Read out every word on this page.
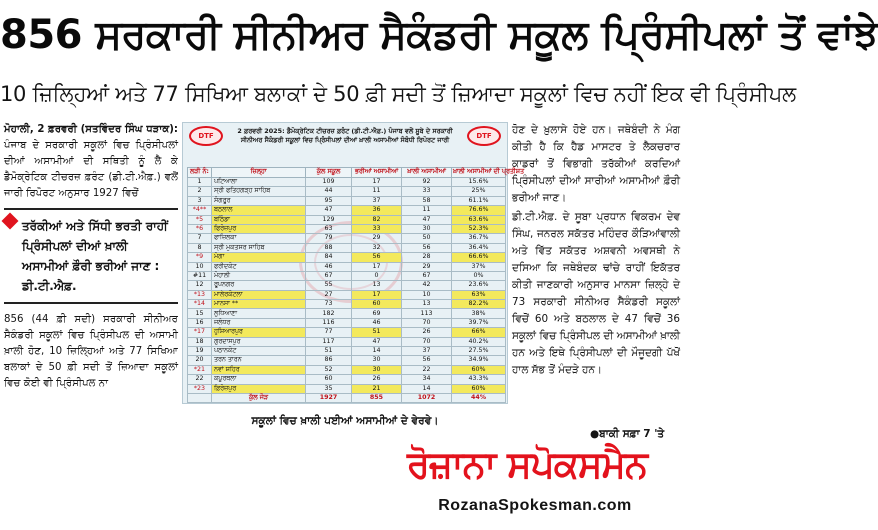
856 ਸਰਕਾਰੀ ਸੀਨੀਅਰ ਸੈਕੰਡਰੀ ਸਕੂਲ ਪ੍ਰਿੰਸੀਪਲਾਂ ਤੋਂ ਵਾਂਝੇ
10 ਜ਼ਿਲ੍ਹਿਆਂ ਅਤੇ 77 ਸਿਖਿਆ ਬਲਾਕਾਂ ਦੇ 50 ਫ਼ੀ ਸਦੀ ਤੋਂ ਜ਼ਿਆਦਾ ਸਕੂਲਾਂ ਵਿਚ ਨਹੀਂ ਇਕ ਵੀ ਪ੍ਰਿੰਸੀਪਲ

ਮੋਹਾਲੀ, 2 ਫ਼ਰਵਰੀ (ਸਤਵਿੰਦਰ ਸਿੰਘ ਧੜਾਕ): ਪੰਜਾਬ ਦੇ ਸਰਕਾਰੀ ਸਕੂਲਾਂ ਵਿਚ ਪ੍ਰਿੰਸੀਪਲਾਂ ਦੀਆਂ ਅਸਾਮੀਆਂ ਦੀ ਸਥਿਤੀ ਨੂੰ ਲੈ ਕੇ ਡੈਮੋਕ੍ਰੇਟਿਕ ਟੀਚਰਜ਼ ਫ਼ਰੰਟ (ਡੀ.ਟੀ.ਐਫ਼.) ਵਲੋਂ ਜਾਰੀ ਰਿਪੋਰਟ ਅਨੁਸਾਰ 1927 ਵਿਚੋਂ

ਤਰੱਕੀਆਂ ਅਤੇ ਸਿੱਧੀ ਭਰਤੀ ਰਾਹੀਂ ਪ੍ਰਿੰਸੀਪਲਾਂ ਦੀਆਂ ਖ਼ਾਲੀ ਅਸਾਮੀਆਂ ਫ਼ੌਰੀ ਭਰੀਆਂ ਜਾਣ : ਡੀ.ਟੀ.ਐਫ਼.

856 (44 ਫ਼ੀ ਸਦੀ) ਸਰਕਾਰੀ ਸੀਨੀਅਰ ਸੈਕੰਡਰੀ ਸਕੂਲਾਂ ਵਿਚ ਪ੍ਰਿੰਸੀਪਲ ਦੀ ਅਸਾਮੀ ਖ਼ਾਲੀ ਹੋਣ, 10 ਜ਼ਿਲ੍ਹਿਆਂ ਅਤੇ 77 ਸਿਖਿਆ ਬਲਾਕਾਂ ਦੇ 50 ਫ਼ੀ ਸਦੀ ਤੋਂ ਜ਼ਿਆਦਾ ਸਕੂਲਾਂ ਵਿਚ ਕੋਈ ਵੀ ਪ੍ਰਿੰਸੀਪਲ ਨਾ

DTF
2 ਫ਼ਰਵਰੀ 2025: ਡੈਮੋਕ੍ਰੇਟਿਕ ਟੀਚਰਜ਼ ਫ਼ਰੰਟ (ਡੀ.ਟੀ.ਐਫ਼.) ਪੰਜਾਬ ਵਲੋਂ ਸੂਬੇ ਦੇ ਸਰਕਾਰੀ
ਸੀਨੀਅਰ ਸੈਕੰਡਰੀ ਸਕੂਲਾਂ ਵਿਚ ਪ੍ਰਿੰਸੀਪਲਾਂ ਦੀਆਂ ਖ਼ਾਲੀ ਅਸਾਮੀਆਂ ਸੰਬੰਧੀ ਰਿਪੋਰਟ ਜਾਰੀ	DTF
ਲੜੀ ਨੰ:	ਜ਼ਿਲ੍ਹਾ	ਕੁੱਲ ਸਕੂਲ	ਭਰੀਆਂ ਅਸਾਮੀਆਂ	ਖ਼ਾਲੀ ਅਸਾਮੀਆਂ	ਖ਼ਾਲੀ ਅਸਾਮੀਆਂ ਦੀ ਪ੍ਰਤੀਸ਼ਤ
1	ਪਟਿਆਲਾ	109	17	92	15.6%
2	ਸ੍ਰੀ ਫਤਿਹਗੜ੍ਹ ਸਾਹਿਬ	44	11	33	25%
3	ਸੰਗਰੂਰ	95	37	58	61.1%
*4**	ਬਠਲਾਲ	47	36	11	76.6%
*5	ਬਠਿੰਡਾ	129	82	47	63.6%
*6	ਫਿਰੋਜ਼ਪੁਰ	63	33	30	52.3%
7	ਫਾਜ਼ਿਲਕਾ	79	29	50	36.7%
8	ਸ੍ਰੀ ਮੁਕਤਸਰ ਸਾਹਿਬ	88	32	56	36.4%
*9	ਮੋਗਾ	84	56	28	66.6%
10	ਫਰੀਦਕੋਟ	46	17	29	37%
#11	ਮੋਹਾਲੀ	67	0	67	0%
12	ਰੂਪਨਗਰ	55	13	42	23.6%
*13	ਮਾਲੇਰਕੋਟਲਾ	27	17	10	63%
*14	ਮਾਨਸਾ **	73	60	13	82.2%
15	ਲੁਧਿਆਣਾ	182	69	113	38%
16	ਜਲੰਧਰ	116	46	70	39.7%
*17	ਹੁਸ਼ਿਆਰਪੁਰ	77	51	26	66%
18	ਗੁਰਦਾਸਪੁਰ	117	47	70	40.2%
19	ਪਠਾਨਕੋਟ	51	14	37	27.5%
20	ਤਰਨ ਤਾਰਨ	86	30	56	34.9%
*21	ਨਵਾਂ ਸ਼ਹਿਰ	52	30	22	60%
22	ਕਪੂਰਥਲਾ	60	26	34	43.3%
*23	ਫ਼ਿਰੋਜ਼ਪੁਰ	35	21	14	60%
	ਕੁੱਲ ਜੋੜ	1927	855	1072	44%
ਸਕੂਲਾਂ ਵਿਚ ਖ਼ਾਲੀ ਪਈਆਂ ਅਸਾਮੀਆਂ ਦੇ ਵੇਰਵੇ।

ਹੋਣ ਦੇ ਖ਼ੁਲਾਸੇ ਹੋਏ ਹਨ। ਜਥੇਬੰਦੀ ਨੇ ਮੰਗ ਕੀਤੀ ਹੈ ਕਿ ਹੈਡ ਮਾਸਟਰ ਤੇ ਲੈਕਚਰਾਰ ਕਾਡਰਾਂ ਤੋਂ ਵਿਭਾਗੀ ਤਰੱਕੀਆਂ ਕਰਦਿਆਂ ਪ੍ਰਿੰਸੀਪਲਾਂ ਦੀਆਂ ਸਾਰੀਆਂ ਅਸਾਮੀਆਂ ਫ਼ੌਰੀ ਭਰੀਆਂ ਜਾਣ।

ਡੀ.ਟੀ.ਐਫ਼. ਦੇ ਸੂਬਾ ਪ੍ਰਧਾਨ ਵਿਕਰਮ ਦੇਵ ਸਿੰਘ, ਜਨਰਲ ਸਕੱਤਰ ਮਹਿੰਦਰ ਕੌੜਿਆਂਵਾਲੀ ਅਤੇ ਵਿੱਤ ਸਕੱਤਰ ਅਸ਼ਵਨੀ ਅਵਸਥੀ ਨੇ ਦਸਿਆ ਕਿ ਜਥੇਬੰਦਕ ਢਾਂਚੇ ਰਾਹੀਂ ਇਕੱਤਰ ਕੀਤੀ ਜਾਣਕਾਰੀ ਅਨੁਸਾਰ ਮਾਨਸਾ ਜ਼ਿਲ੍ਹੇ ਦੇ 73 ਸਰਕਾਰੀ ਸੀਨੀਅਰ ਸੈਕੰਡਰੀ ਸਕੂਲਾਂ ਵਿਚੋਂ 60 ਅਤੇ ਬਠਲਾਲ ਦੇ 47 ਵਿਚੋਂ 36 ਸਕੂਲਾਂ ਵਿਚ ਪ੍ਰਿੰਸੀਪਲ ਦੀ ਅਸਾਮੀਆਂ ਖ਼ਾਲੀ ਹਨ ਅਤੇ ਇਥੇ ਪ੍ਰਿੰਸੀਪਲਾਂ ਦੀ ਮੌਜੂਦਗੀ ਪੱਖੋਂ ਹਾਲ ਸੱਭ ਤੋਂ ਮੰਦੜੇ ਹਨ।

●ਬਾਕੀ ਸਫ਼ਾ 7 'ਤੇ
ਰੋਜ਼ਾਨਾ ਸਪੋਕਸਮੈਨ
RozanaSpokesman.com
